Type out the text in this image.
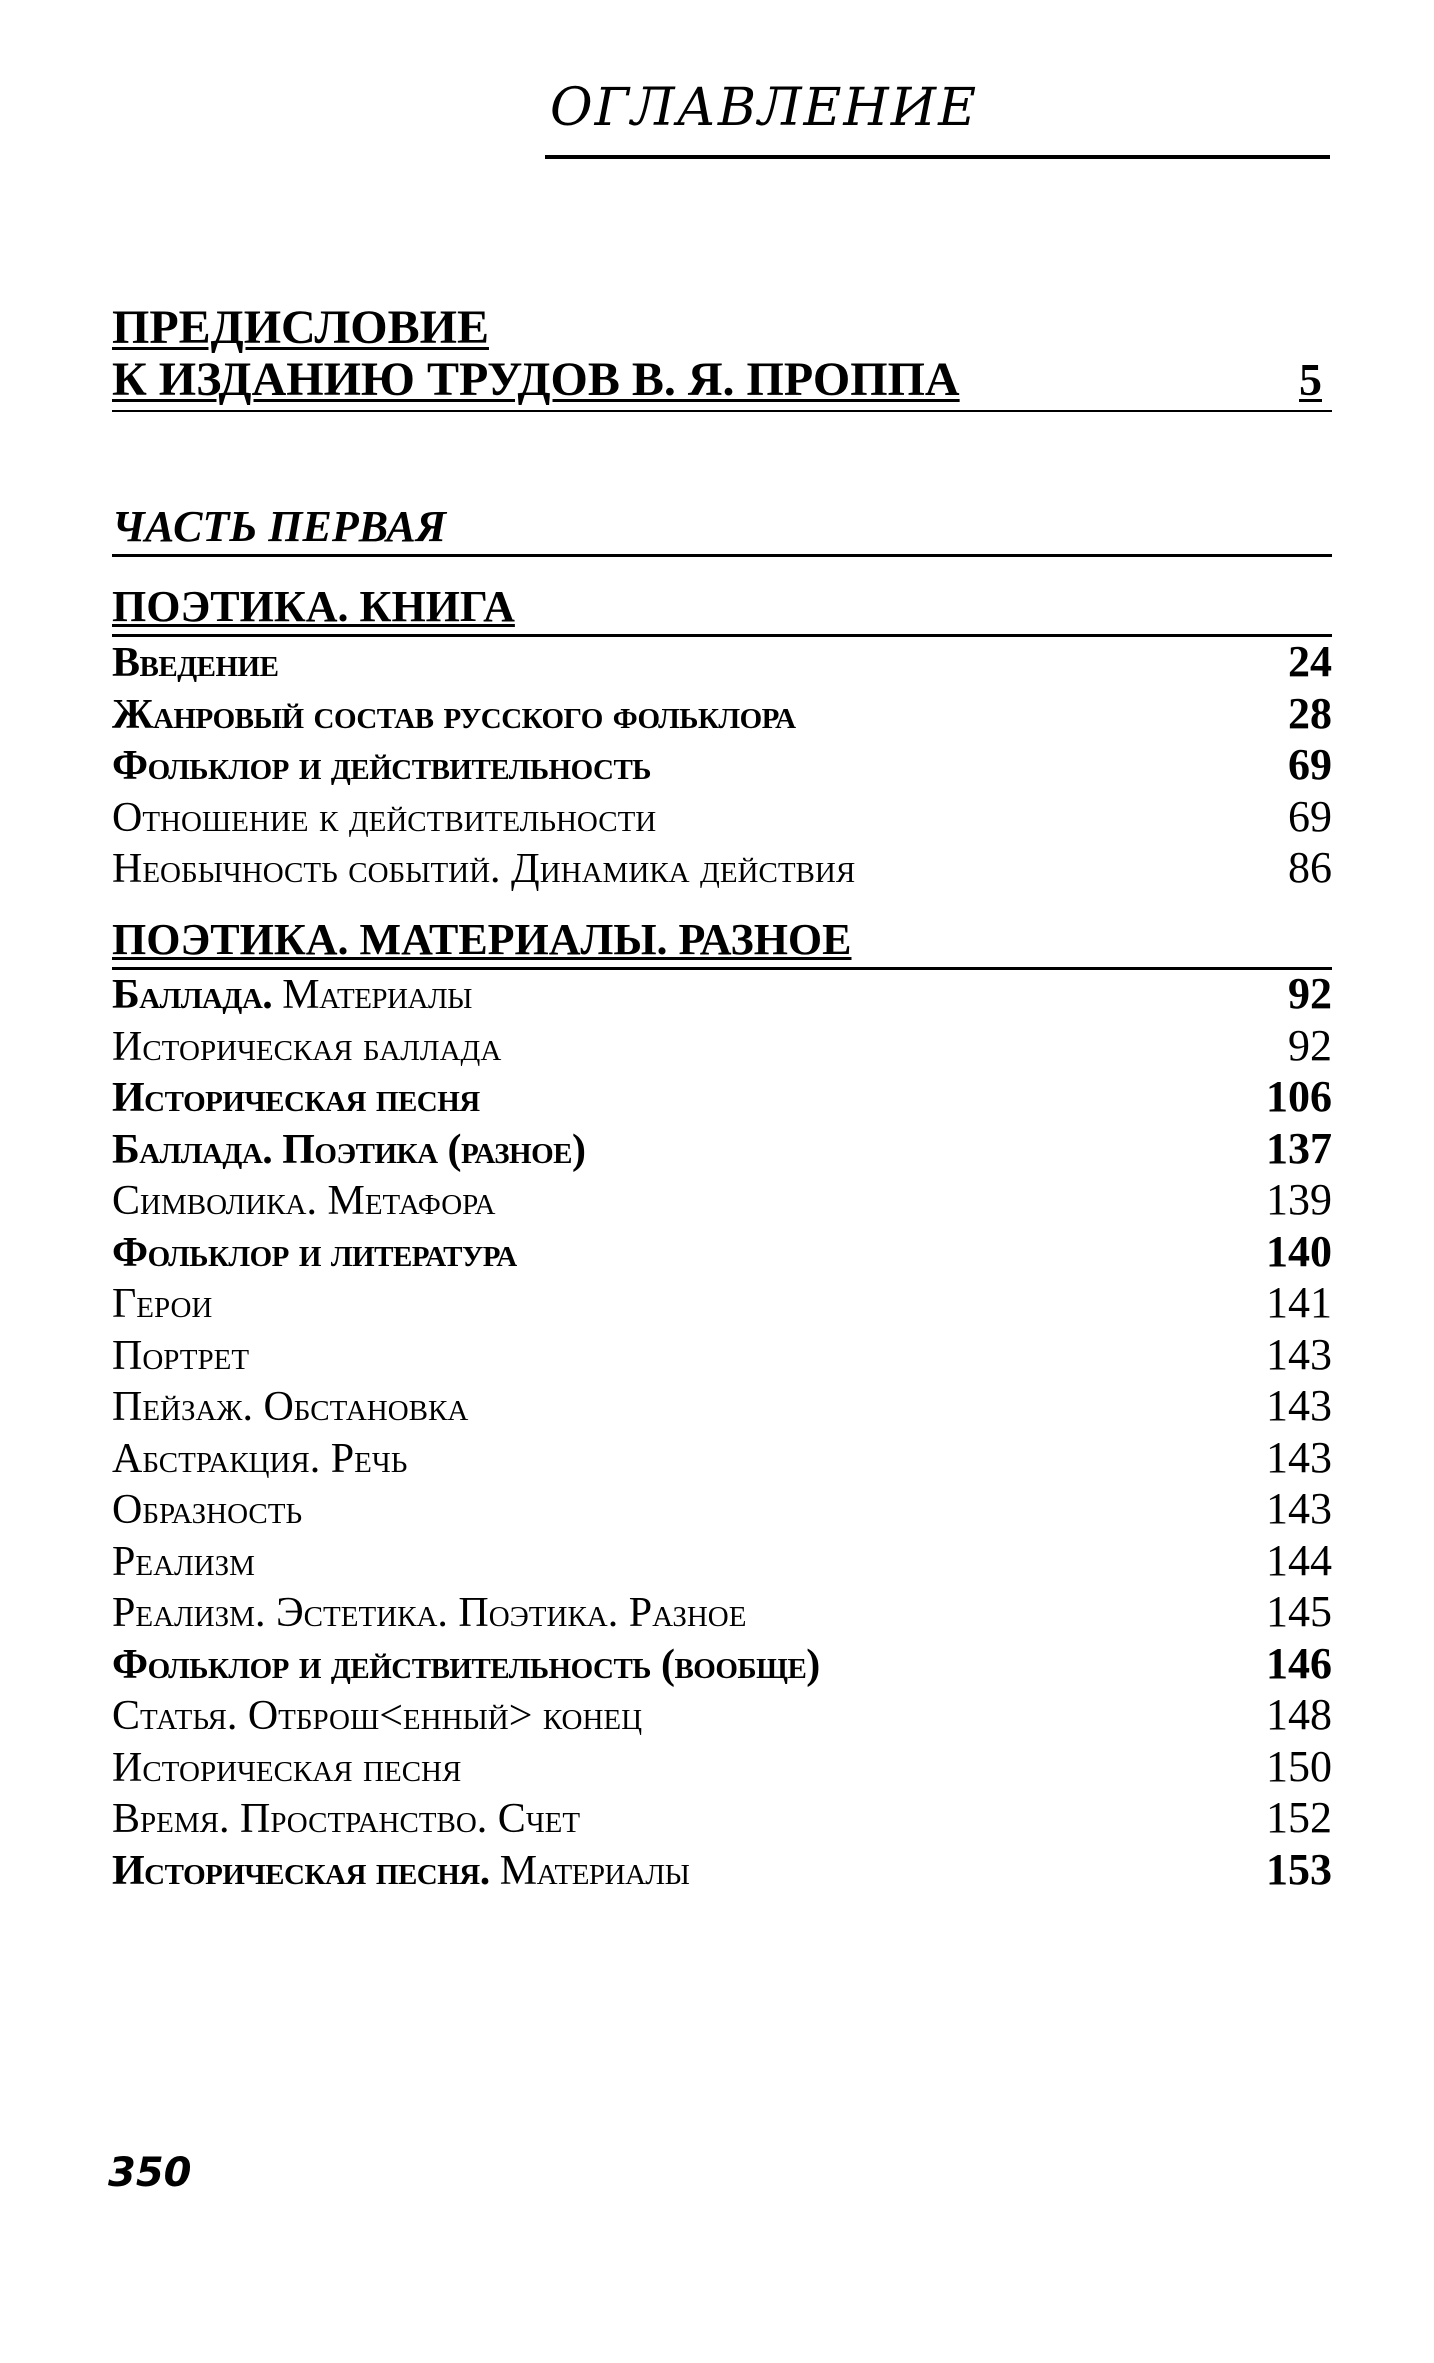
ОГЛАВЛЕНИЕ
ПРЕДИСЛОВИЕ
К ИЗДАНИЮ ТРУДОВ В. Я. ПРОППА	5
ЧАСТЬ ПЕРВАЯ
ПОЭТИКА. КНИГА
Введение	24
Жанровый состав русского фольклора	28
Фольклор и действительность	69
Отношение к действительности	69
Необычность событий. Динамика действия	86
ПОЭТИКА. МАТЕРИАЛЫ. РАЗНОЕ
Баллада. Материалы	92
Историческая баллада	92
Историческая песня	106
Баллада. Поэтика (разное)	137
Символика. Метафора	139
Фольклор и литература	140
Герои	141
Портрет	143
Пейзаж. Обстановка	143
Абстракция. Речь	143
Образность	143
Реализм	144
Реализм. Эстетика. Поэтика. Разное	145
Фольклор и действительность (вообще)	146
Статья. Отброш<енный> конец	148
Историческая песня	150
Время. Пространство. Счет	152
Историческая песня. Материалы	153
350
